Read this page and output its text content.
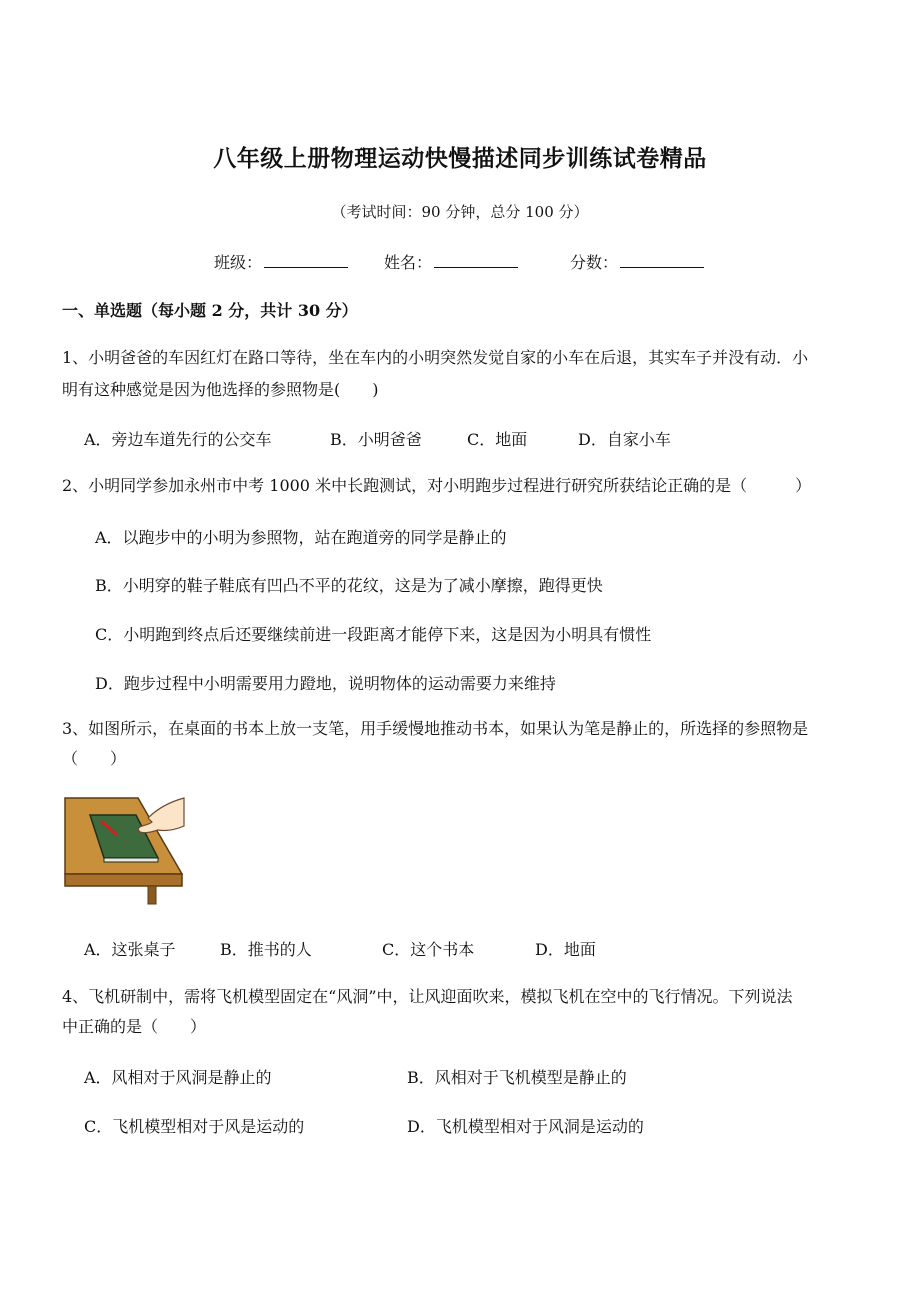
八年级上册物理运动快慢描述同步训练试卷精品
（考试时间：90 分钟，总分 100 分）
班级：	姓名：	分数：
一、单选题（每小题 2 分，共计 30 分）
1、小明爸爸的车因红灯在路口等待，坐在车内的小明突然发觉自家的小车在后退，其实车子并没有动．小
明有这种感觉是因为他选择的参照物是(　　)
A．旁边车道先行的公交车	B．小明爸爸	C．地面	D．自家小车
2、小明同学参加永州市中考 1000 米中长跑测试，对小明跑步过程进行研究所获结论正确的是（　　　）
A．以跑步中的小明为参照物，站在跑道旁的同学是静止的
B．小明穿的鞋子鞋底有凹凸不平的花纹，这是为了减小摩擦，跑得更快
C．小明跑到终点后还要继续前进一段距离才能停下来，这是因为小明具有惯性
D．跑步过程中小明需要用力蹬地，说明物体的运动需要力来维持
3、如图所示，在桌面的书本上放一支笔，用手缓慢地推动书本，如果认为笔是静止的，所选择的参照物是
（　　）
A．这张桌子	B．推书的人	C．这个书本	D．地面
4、飞机研制中，需将飞机模型固定在“风洞”中，让风迎面吹来，模拟飞机在空中的飞行情况。下列说法
中正确的是（　　）
A．风相对于风洞是静止的	B．风相对于飞机模型是静止的
C．飞机模型相对于风是运动的	D．飞机模型相对于风洞是运动的
